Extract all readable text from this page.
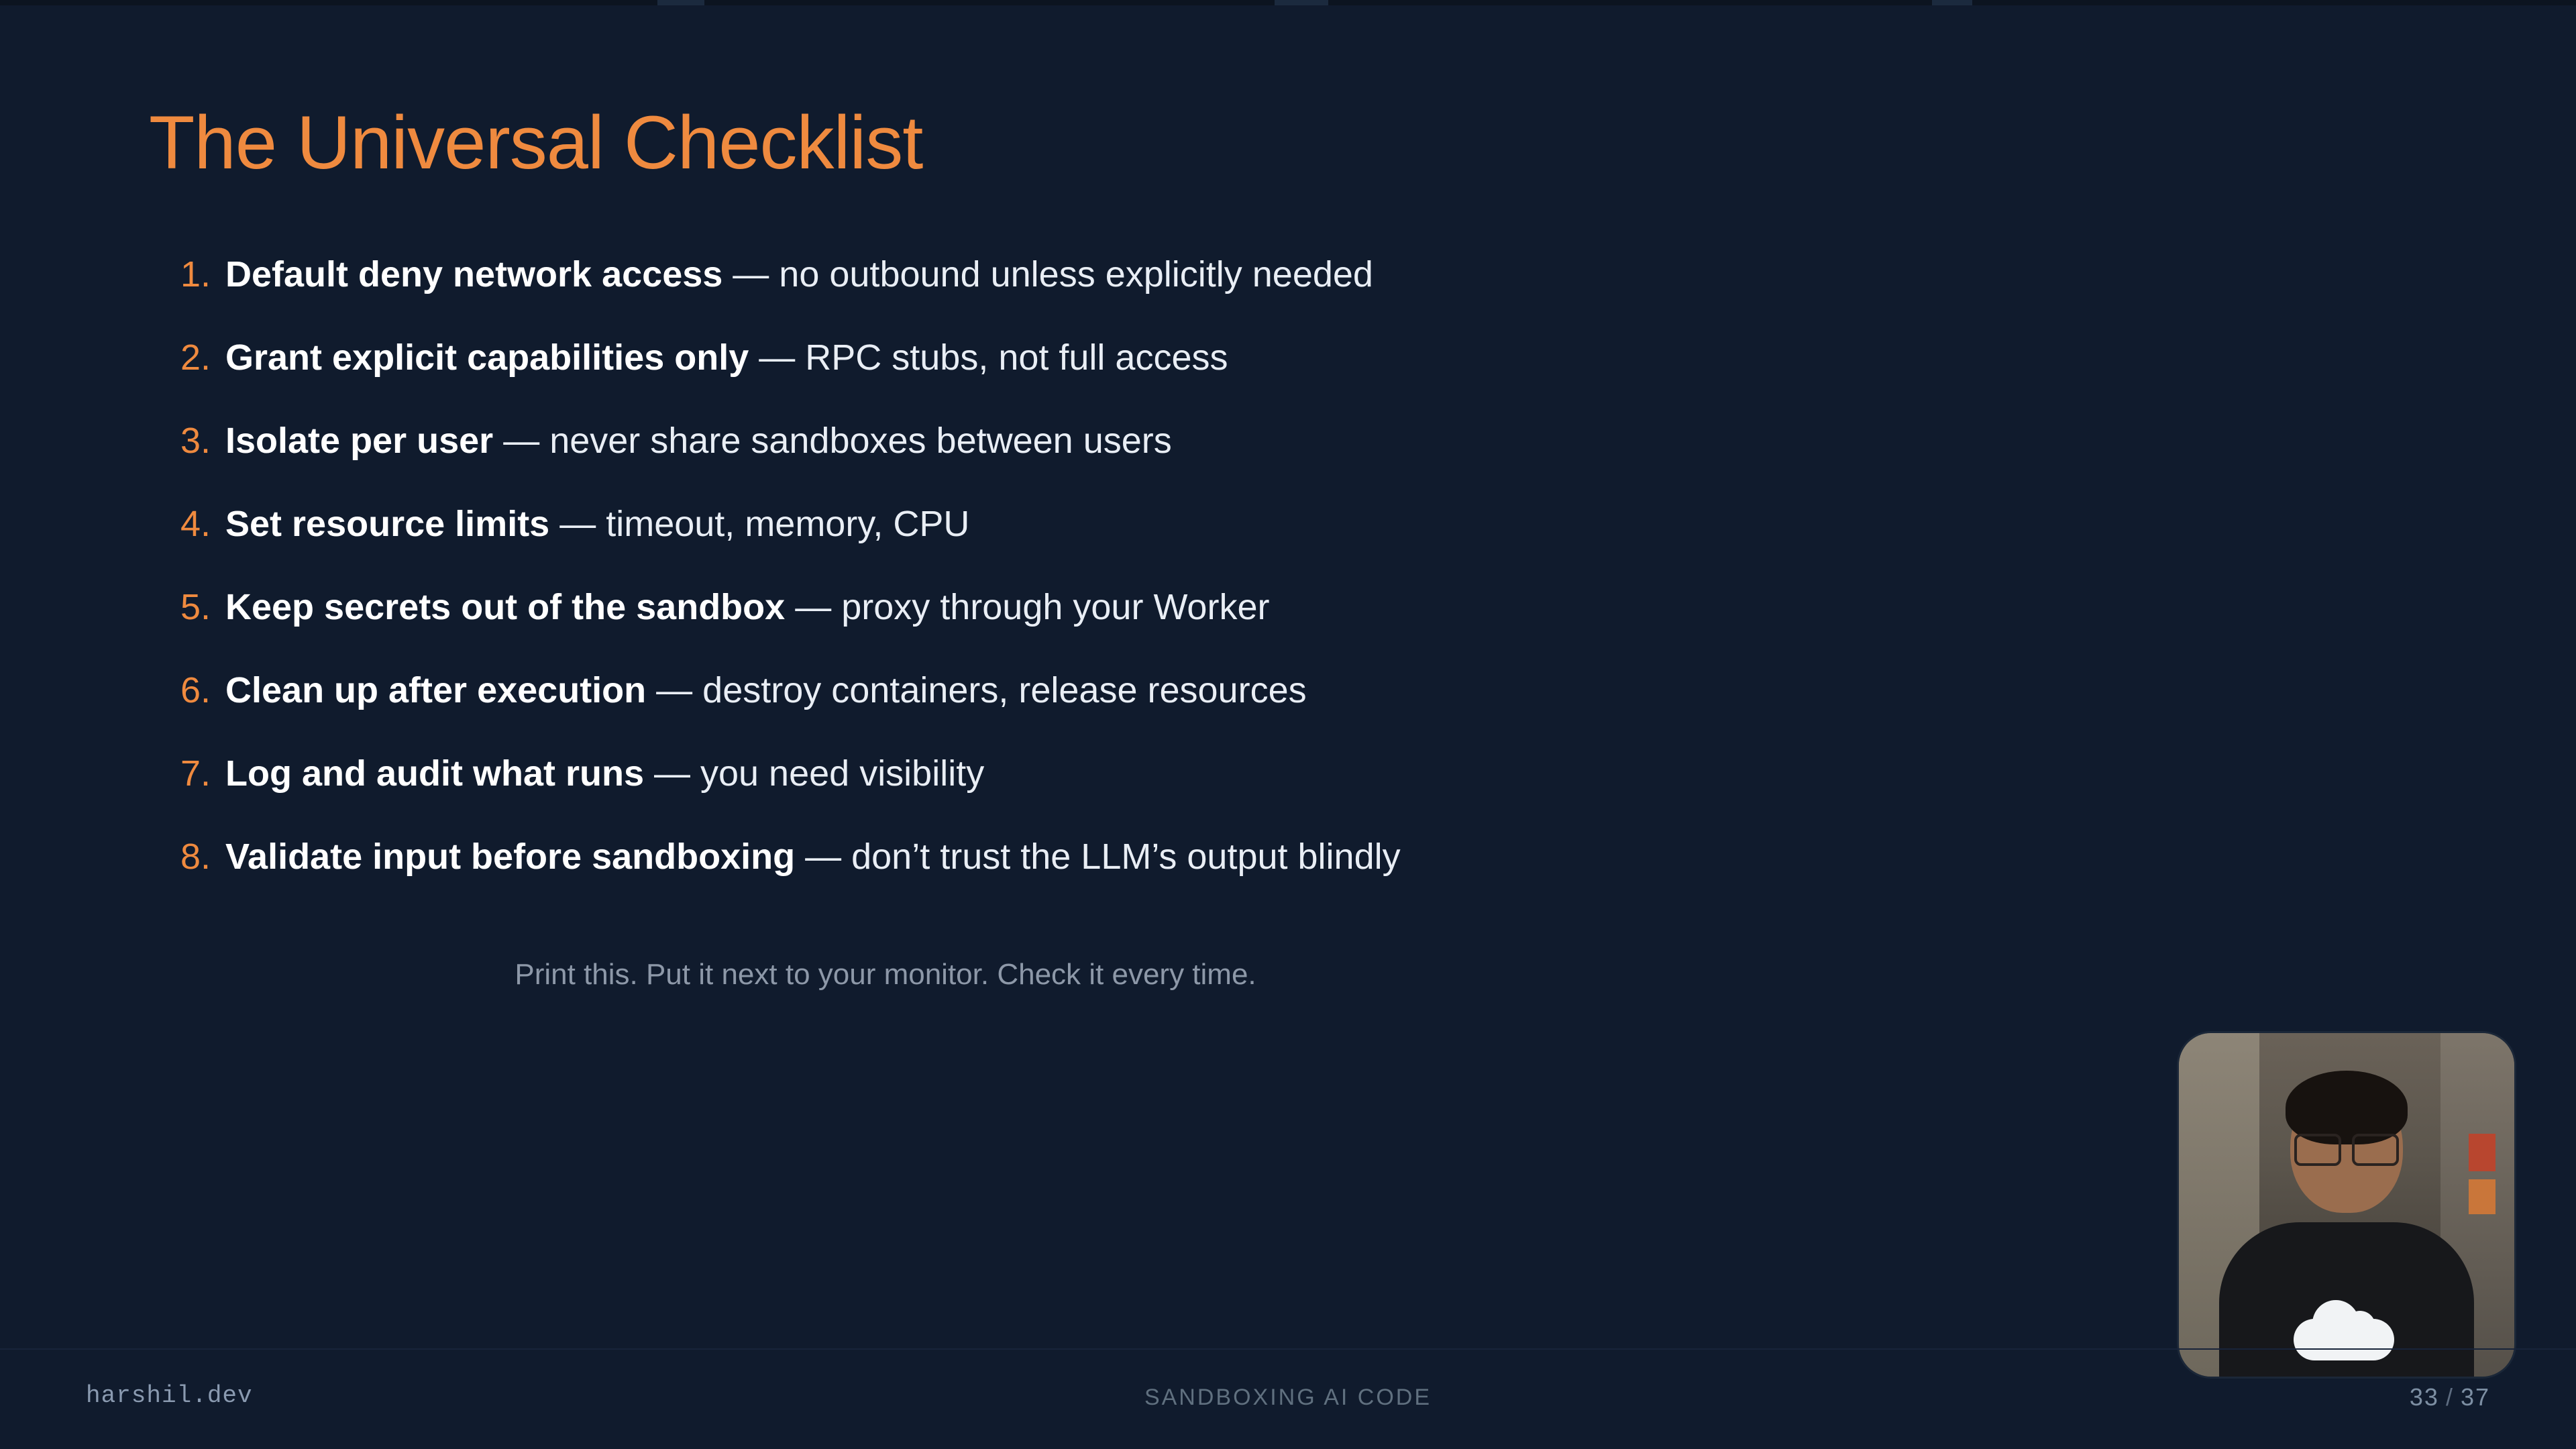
The Universal Checklist
1. Default deny network access — no outbound unless explicitly needed
2. Grant explicit capabilities only — RPC stubs, not full access
3. Isolate per user — never share sandboxes between users
4. Set resource limits — timeout, memory, CPU
5. Keep secrets out of the sandbox — proxy through your Worker
6. Clean up after execution — destroy containers, release resources
7. Log and audit what runs — you need visibility
8. Validate input before sandboxing — don’t trust the LLM’s output blindly
Print this. Put it next to your monitor. Check it every time.
harshil.dev	SANDBOXING AI CODE	33 / 37
